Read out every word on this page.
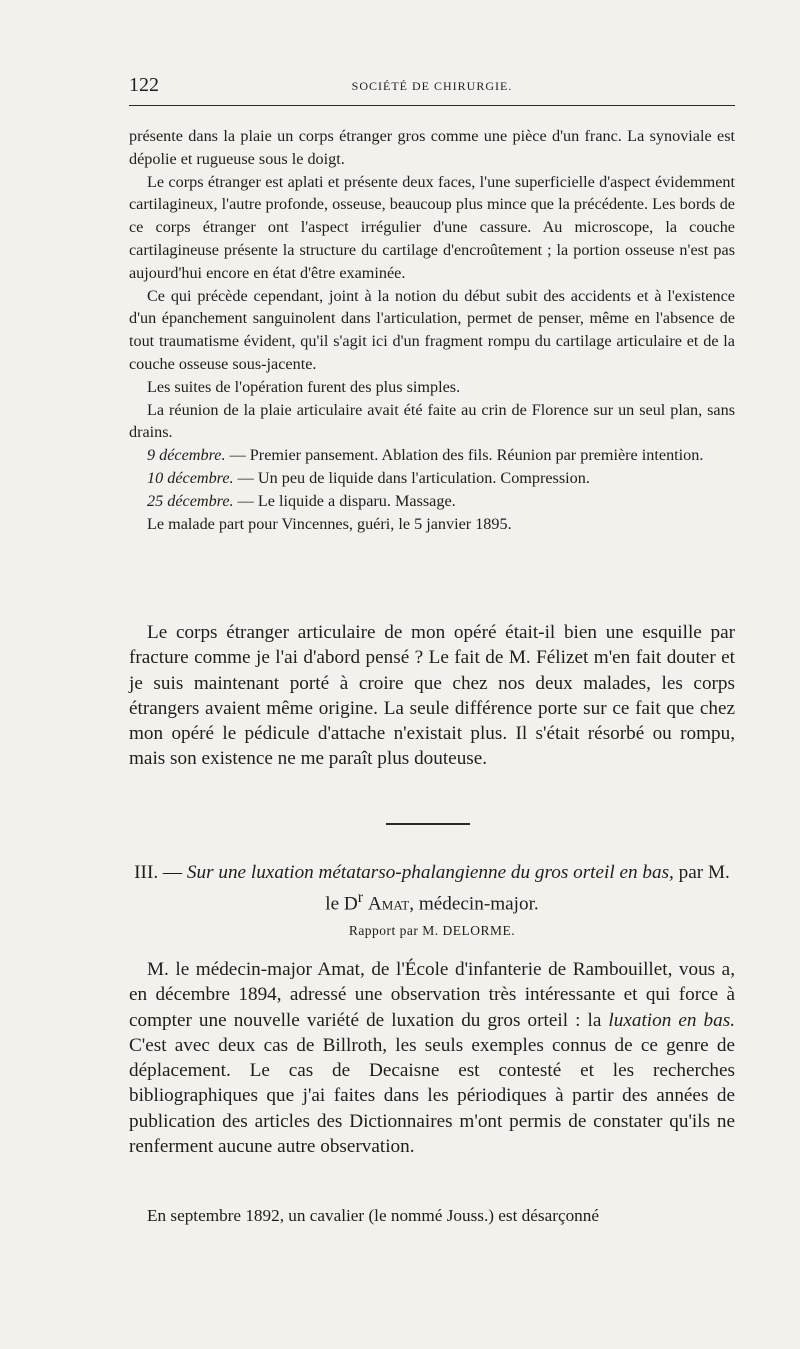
122	SOCIÉTÉ DE CHIRURGIE.

présente dans la plaie un corps étranger gros comme une pièce d'un franc. La synoviale est dépolie et rugueuse sous le doigt.

Le corps étranger est aplati et présente deux faces, l'une superficielle d'aspect évidemment cartilagineux, l'autre profonde, osseuse, beaucoup plus mince que la précédente. Les bords de ce corps étranger ont l'aspect irrégulier d'une cassure. Au microscope, la couche cartilagineuse présente la structure du cartilage d'encroûtement ; la portion osseuse n'est pas aujourd'hui encore en état d'être examinée.

Ce qui précède cependant, joint à la notion du début subit des accidents et à l'existence d'un épanchement sanguinolent dans l'articulation, permet de penser, même en l'absence de tout traumatisme évident, qu'il s'agit ici d'un fragment rompu du cartilage articulaire et de la couche osseuse sous-jacente.

Les suites de l'opération furent des plus simples.

La réunion de la plaie articulaire avait été faite au crin de Florence sur un seul plan, sans drains.

9 décembre. — Premier pansement. Ablation des fils. Réunion par première intention.

10 décembre. — Un peu de liquide dans l'articulation. Compression.

25 décembre. — Le liquide a disparu. Massage.

Le malade part pour Vincennes, guéri, le 5 janvier 1895.

Le corps étranger articulaire de mon opéré était-il bien une esquille par fracture comme je l'ai d'abord pensé ? Le fait de M. Félizet m'en fait douter et je suis maintenant porté à croire que chez nos deux malades, les corps étrangers avaient même origine. La seule différence porte sur ce fait que chez mon opéré le pédicule d'attache n'existait plus. Il s'était résorbé ou rompu, mais son existence ne me paraît plus douteuse.

III. — Sur une luxation métatarso-phalangienne du gros orteil en bas, par M. le $D^r$ Amat, médecin-major.
Rapport par M. DELORME.

M. le médecin-major Amat, de l'École d'infanterie de Rambouillet, vous a, en décembre 1894, adressé une observation très intéressante et qui force à compter une nouvelle variété de luxation du gros orteil : la luxation en bas. C'est avec deux cas de Billroth, les seuls exemples connus de ce genre de déplacement. Le cas de Decaisne est contesté et les recherches bibliographiques que j'ai faites dans les périodiques à partir des années de publication des articles des Dictionnaires m'ont permis de constater qu'ils ne renferment aucune autre observation.

En septembre 1892, un cavalier (le nommé Jouss.) est désarçonné
